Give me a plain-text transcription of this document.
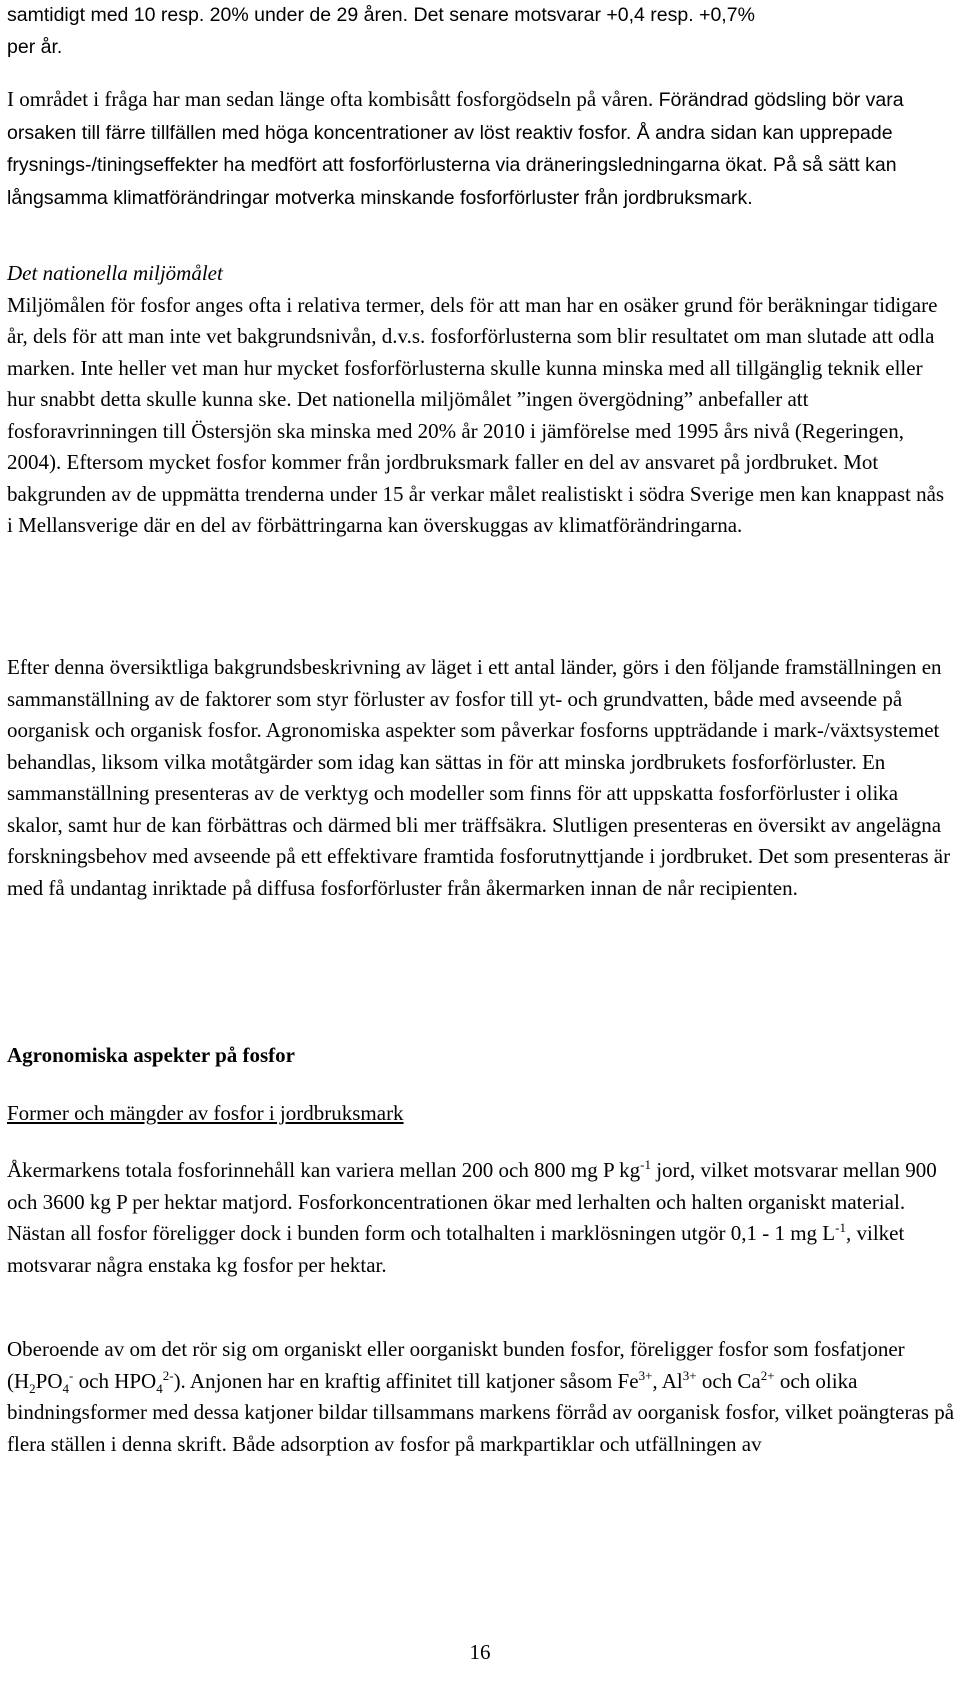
samtidigt med 10 resp. 20% under de 29 åren. Det senare motsvarar +0,4 resp. +0,7%
per år.
I området i fråga har man sedan länge ofta kombisått fosforgödseln på våren. Förändrad gödsling bör vara orsaken till färre tillfällen med höga koncentrationer av löst reaktiv fosfor. Å andra sidan kan upprepade frysnings-/tiningseffekter ha medfört att fosforförlusterna via dräneringsledningarna ökat. På så sätt kan långsamma klimatförändringar motverka minskande fosforförluster från jordbruksmark.
Det nationella miljömålet
Miljömålen för fosfor anges ofta i relativa termer, dels för att man har en osäker grund för beräkningar tidigare år, dels för att man inte vet bakgrundsnivån, d.v.s. fosforförlusterna som blir resultatet om man slutade att odla marken. Inte heller vet man hur mycket fosforförlusterna skulle kunna minska med all tillgänglig teknik eller hur snabbt detta skulle kunna ske. Det nationella miljömålet ”ingen övergödning” anbefaller att fosforavrinningen till Östersjön ska minska med 20% år 2010 i jämförelse med 1995 års nivå (Regeringen, 2004). Eftersom mycket fosfor kommer från jordbruksmark faller en del av ansvaret på jordbruket. Mot bakgrunden av de uppmätta trenderna under 15 år verkar målet realistiskt i södra Sverige men kan knappast nås i Mellansverige där en del av förbättringarna kan överskuggas av klimatförändringarna.
Efter denna översiktliga bakgrundsbeskrivning av läget i ett antal länder, görs i den följande framställningen en sammanställning av de faktorer som styr förluster av fosfor till yt- och grundvatten, både med avseende på oorganisk och organisk fosfor. Agronomiska aspekter som påverkar fosforns uppträdande i mark-/växtsystemet behandlas, liksom vilka motåtgärder som idag kan sättas in för att minska jordbrukets fosforförluster. En sammanställning presenteras av de verktyg och modeller som finns för att uppskatta fosforförluster i olika skalor, samt hur de kan förbättras och därmed bli mer träffsäkra. Slutligen presenteras en översikt av angelägna forskningsbehov med avseende på ett effektivare framtida fosforutnyttjande i jordbruket. Det som presenteras är med få undantag inriktade på diffusa fosforförluster från åkermarken innan de når recipienten.
Agronomiska aspekter på fosfor
Former och mängder av fosfor i jordbruksmark
Åkermarkens totala fosforinnehåll kan variera mellan 200 och 800 mg P $kg^{-1}$ jord, vilket motsvarar mellan 900 och 3600 kg P per hektar matjord. Fosforkoncentrationen ökar med lerhalten och halten organiskt material. Nästan all fosfor föreligger dock i bunden form och totalhalten i marklösningen utgör 0,1 - 1 mg $L^{-1}$, vilket motsvarar några enstaka kg fosfor per hektar.
Oberoende av om det rör sig om organiskt eller oorganiskt bunden fosfor, föreligger fosfor som fosfatjoner ($H_2PO_4^-$ och $HPO_4^{2-}$). Anjonen har en kraftig affinitet till katjoner såsom $Fe^{3+}$, $Al^{3+}$ och $Ca^{2+}$ och olika bindningsformer med dessa katjoner bildar tillsammans markens förråd av oorganisk fosfor, vilket poängteras på flera ställen i denna skrift. Både adsorption av fosfor på markpartiklar och utfällningen av
16
